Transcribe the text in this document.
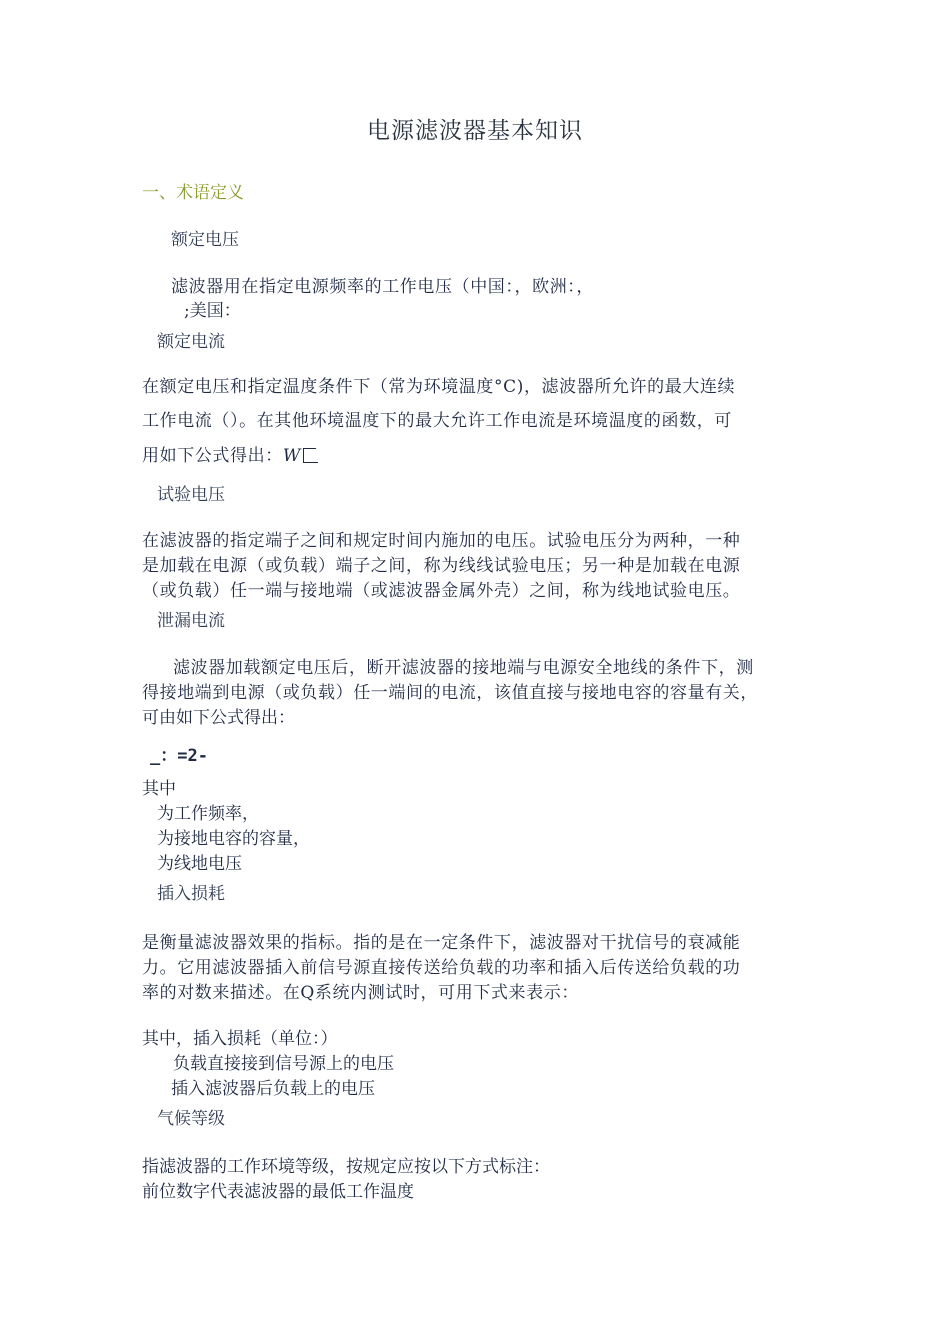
电源滤波器基本知识
一、术语定义
额定电压
滤波器用在指定电源频率的工作电压（中国：，欧洲：，
;美国：
额定电流
在额定电压和指定温度条件下（常为环境温度°C)，滤波器所允许的最大连续
工作电流（）。在其他环境温度下的最大允许工作电流是环境温度的函数，可
用如下公式得出：W
试验电压
在滤波器的指定端子之间和规定时间内施加的电压。试验电压分为两种，一种
是加载在电源（或负载）端子之间，称为线线试验电压；另一种是加载在电源
（或负载）任一端与接地端（或滤波器金属外壳）之间，称为线地试验电压。
泄漏电流
滤波器加载额定电压后，断开滤波器的接地端与电源安全地线的条件下，测
得接地端到电源（或负载）任一端间的电流，该值直接与接地电容的容量有关，
可由如下公式得出：
_：=2-
其中
为工作频率，
为接地电容的容量，
为线地电压
插入损耗
是衡量滤波器效果的指标。指的是在一定条件下，滤波器对干扰信号的衰减能
力。它用滤波器插入前信号源直接传送给负载的功率和插入后传送给负载的功
率的对数来描述。在Q系统内测试时，可用下式来表示：
其中，插入损耗（单位：）
负载直接接到信号源上的电压
插入滤波器后负载上的电压
气候等级
指滤波器的工作环境等级，按规定应按以下方式标注：
前位数字代表滤波器的最低工作温度
